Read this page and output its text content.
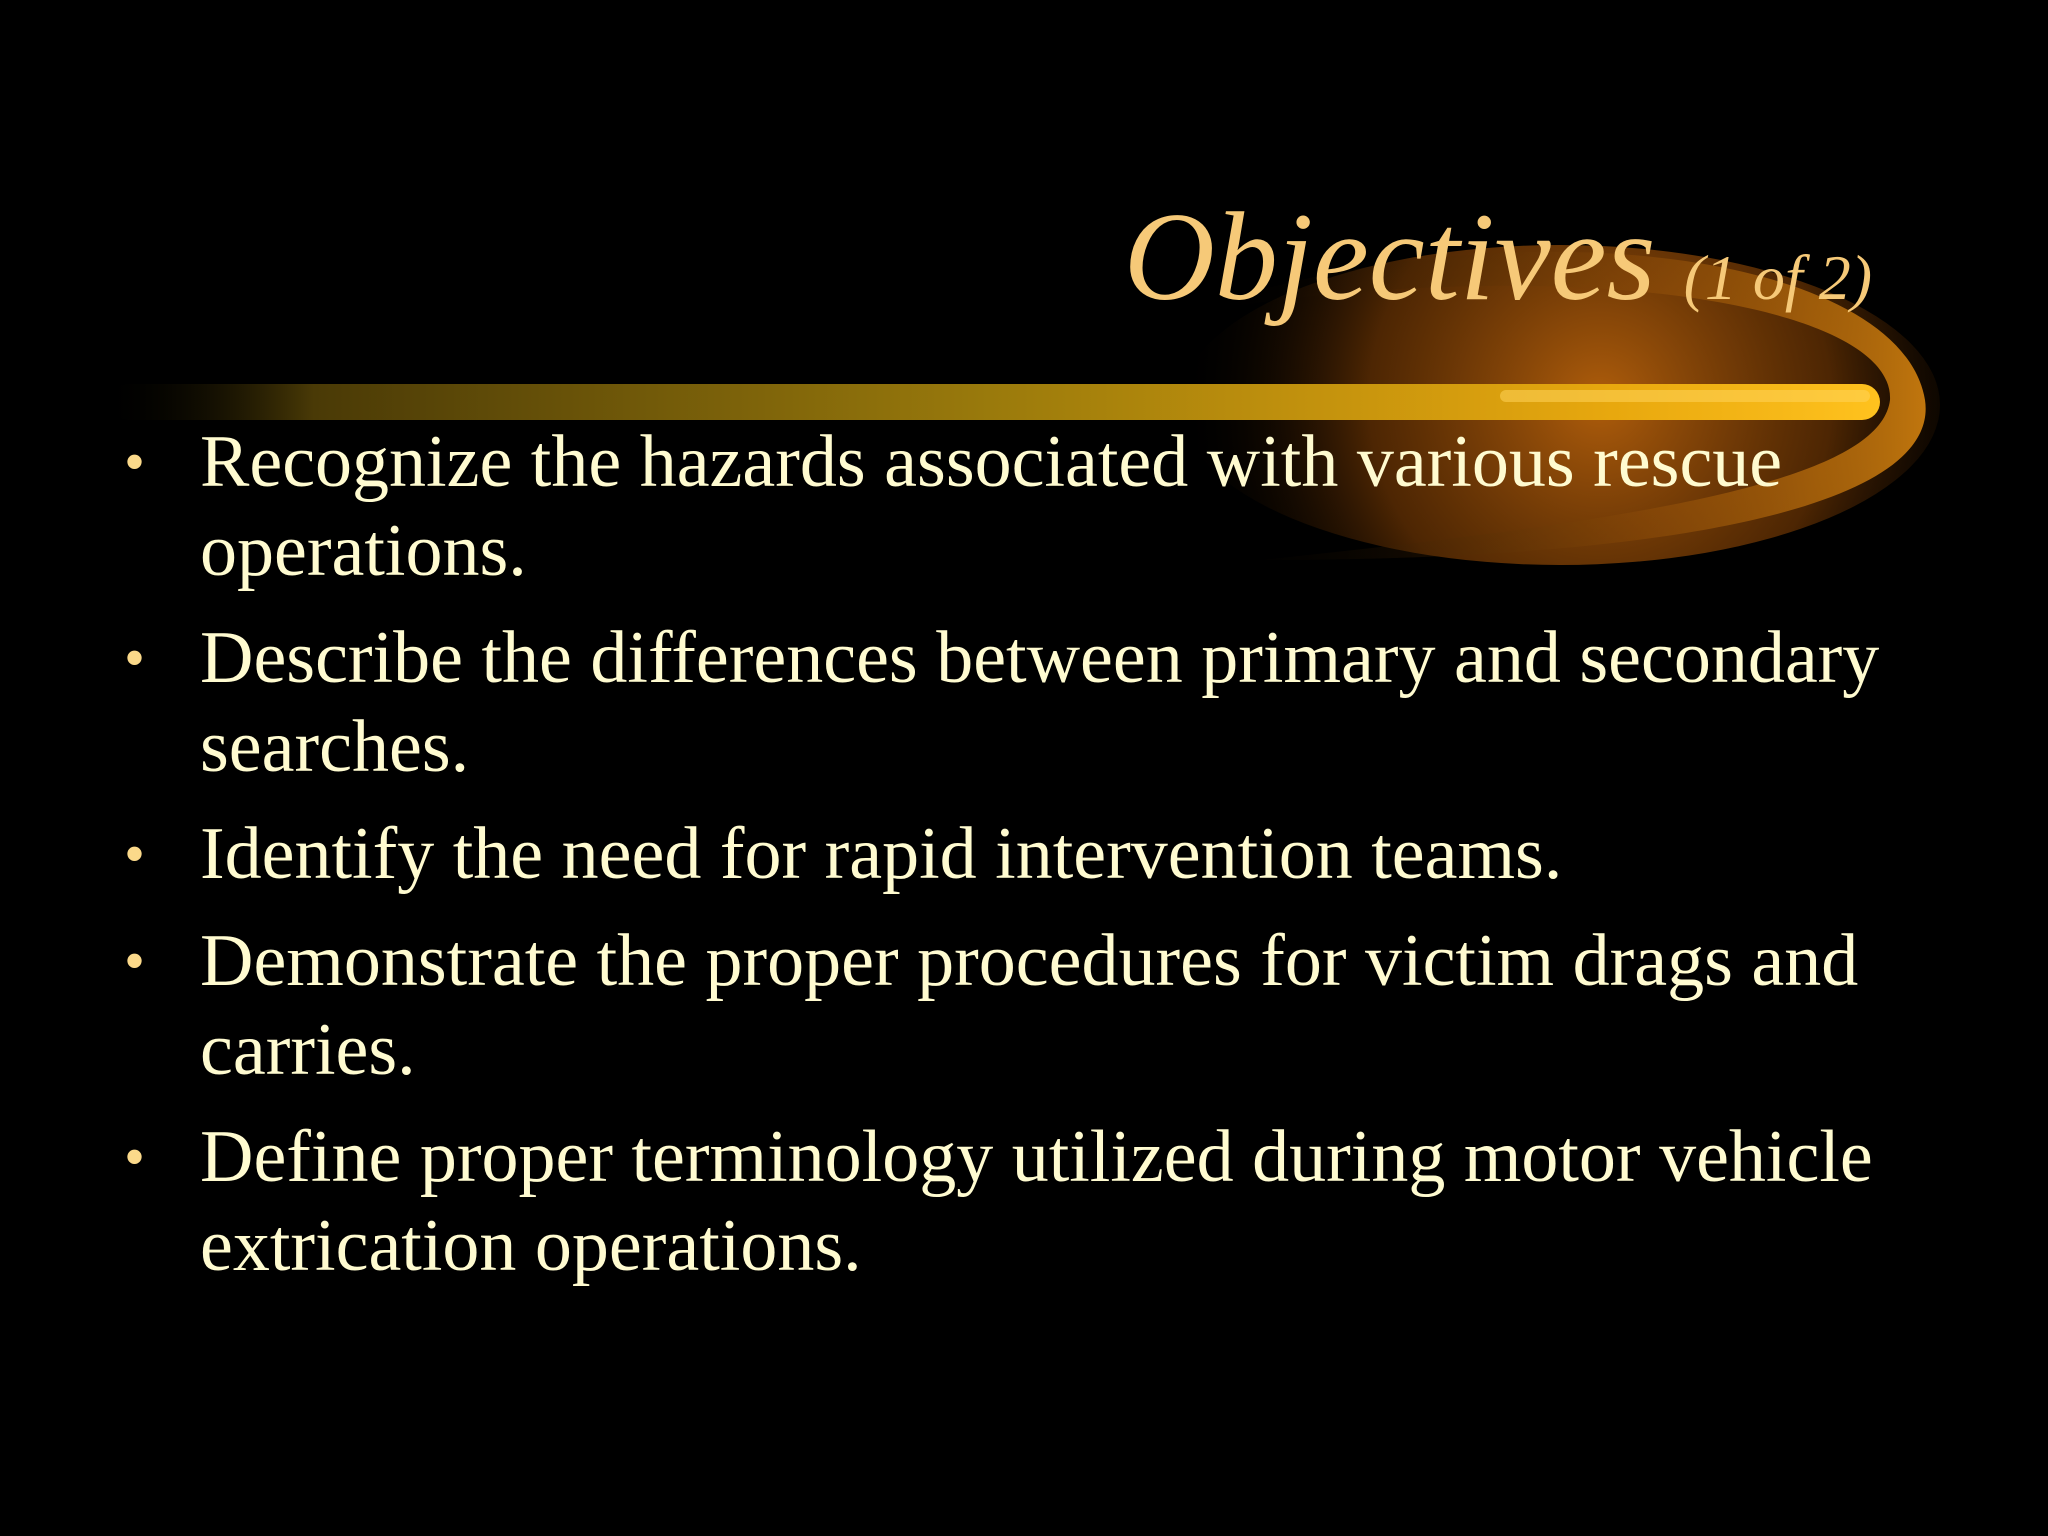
Objectives (1 of 2)
• Recognize the hazards associated with various rescue operations.
• Describe the differences between primary and secondary searches.
• Identify the need for rapid intervention teams.
• Demonstrate the proper procedures for victim drags and carries.
• Define proper terminology utilized during motor vehicle extrication operations.
